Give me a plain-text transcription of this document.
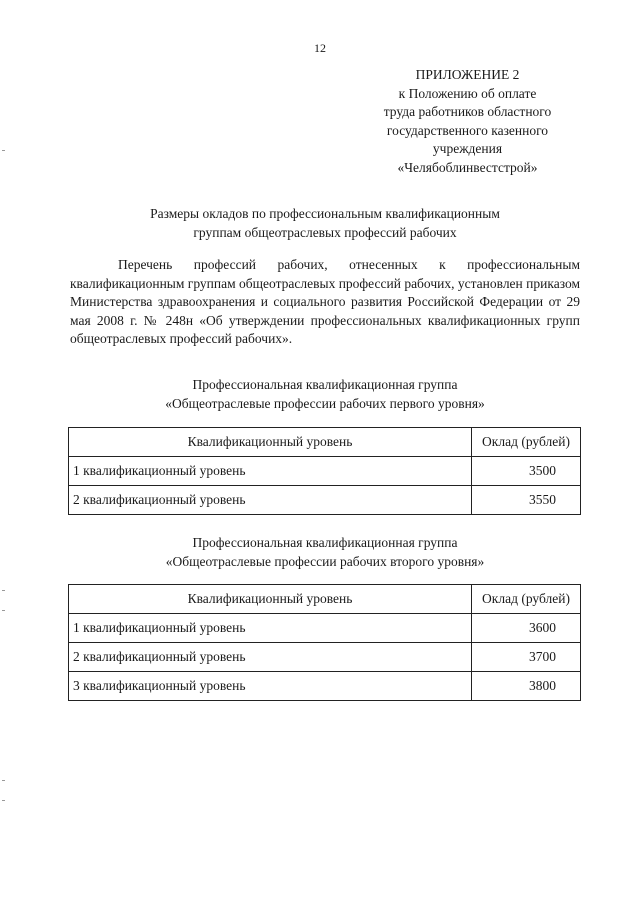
12
ПРИЛОЖЕНИЕ 2
к Положению об оплате
труда работников областного
государственного казенного
учреждения
«Челябоблинвестстрой»
Размеры окладов по профессиональным квалификационным
группам общеотраслевых профессий рабочих

Перечень профессий рабочих, отнесенных к профессиональным квалификационным группам общеотраслевых профессий рабочих, установлен приказом Министерства здравоохранения и социального развития Российской Федерации от 29 мая 2008 г. № 248н «Об утверждении профессиональных квалификационных групп общеотраслевых профессий рабочих».

Профессиональная квалификационная группа
«Общеотраслевые профессии рабочих первого уровня»
Квалификационный уровень	Оклад (рублей)
1 квалификационный уровень	3500
2 квалификационный уровень	3550
Профессиональная квалификационная группа
«Общеотраслевые профессии рабочих второго уровня»
Квалификационный уровень	Оклад (рублей)
1 квалификационный уровень	3600
2 квалификационный уровень	3700
3 квалификационный уровень	3800
